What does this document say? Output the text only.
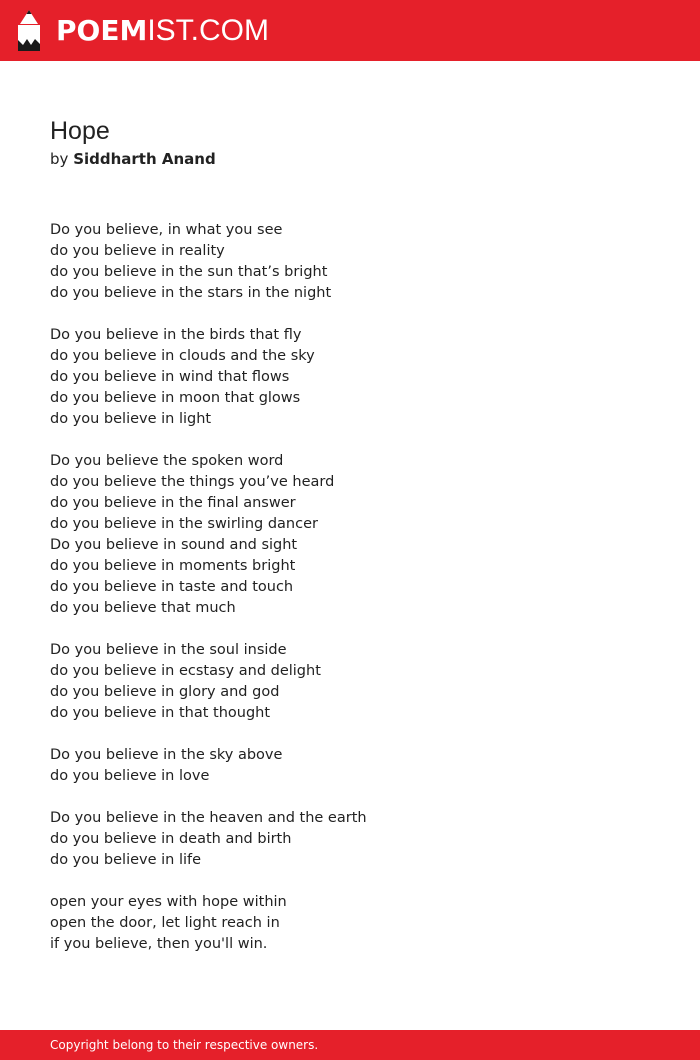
POEMIST.COM
Hope
by Siddharth Anand
Do you believe, in what you see
do you believe in reality
do you believe in the sun that’s bright
do you believe in the stars in the night
Do you believe in the birds that fly
do you believe in clouds and the sky
do you believe in wind that flows
do you believe in moon that glows
do you believe in light
Do you believe the spoken word
do you believe the things you’ve heard
do you believe in the final answer
do you believe in the swirling dancer
Do you believe in sound and sight
do you believe in moments bright
do you believe in taste and touch
do you believe that much
Do you believe in the soul inside
do you believe in ecstasy and delight
do you believe in glory and god
do you believe in that thought
Do you believe in the sky above
do you believe in love
Do you believe in the heaven and the earth
do you believe in death and birth
do you believe in life
open your eyes with hope within
open the door, let light reach in
if you believe, then you'll win.
Copyright belong to their respective owners.
